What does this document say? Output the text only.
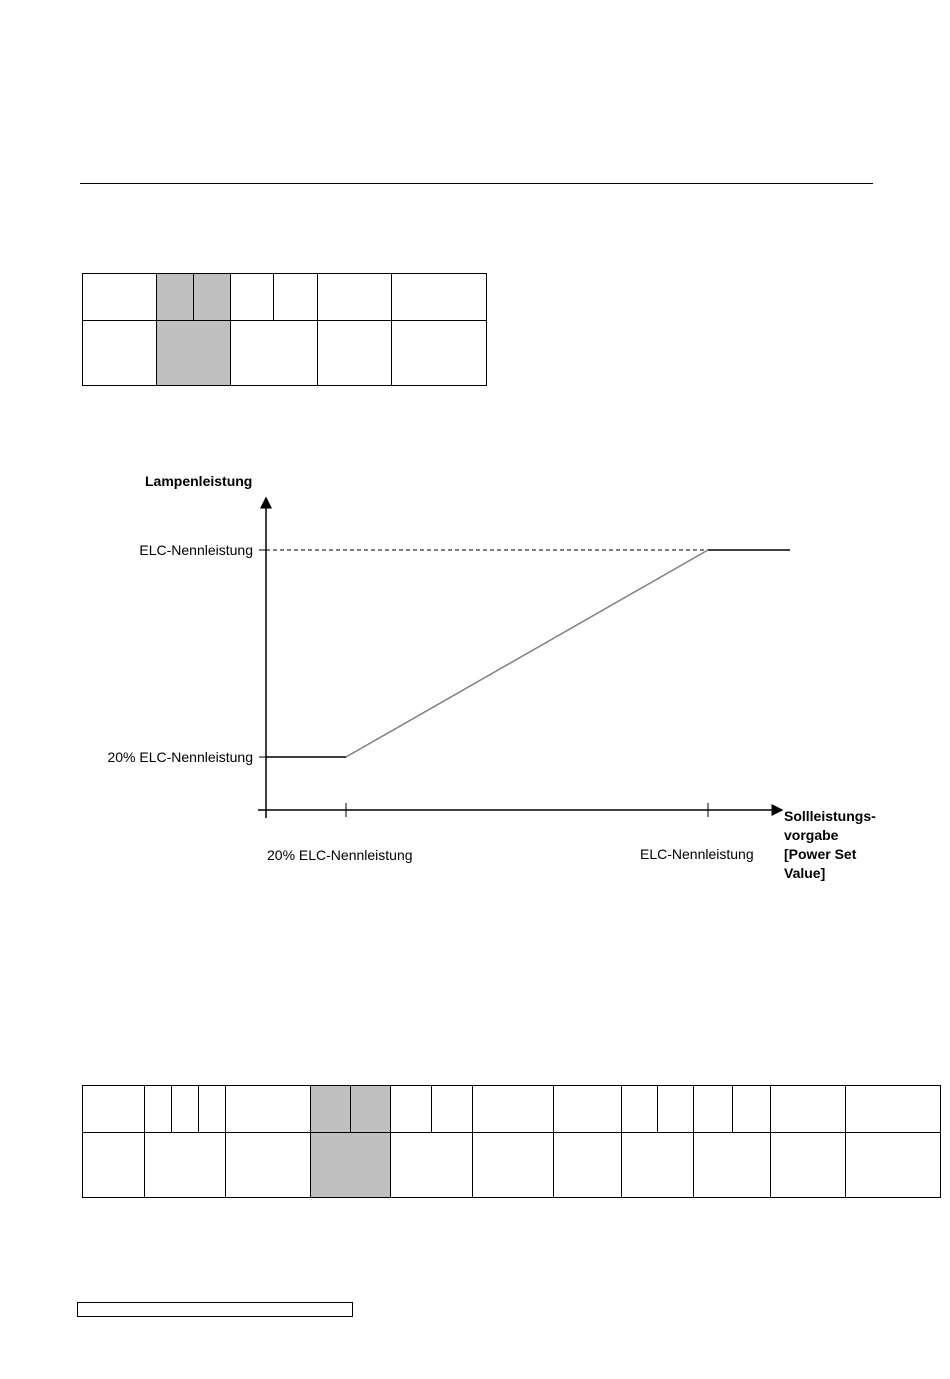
Lampenleistung
ELC-Nennleistung
20% ELC-Nennleistung
20% ELC-Nennleistung	ELC-Nennleistung
Sollleistungs-
vorgabe
[Power Set
Value]
